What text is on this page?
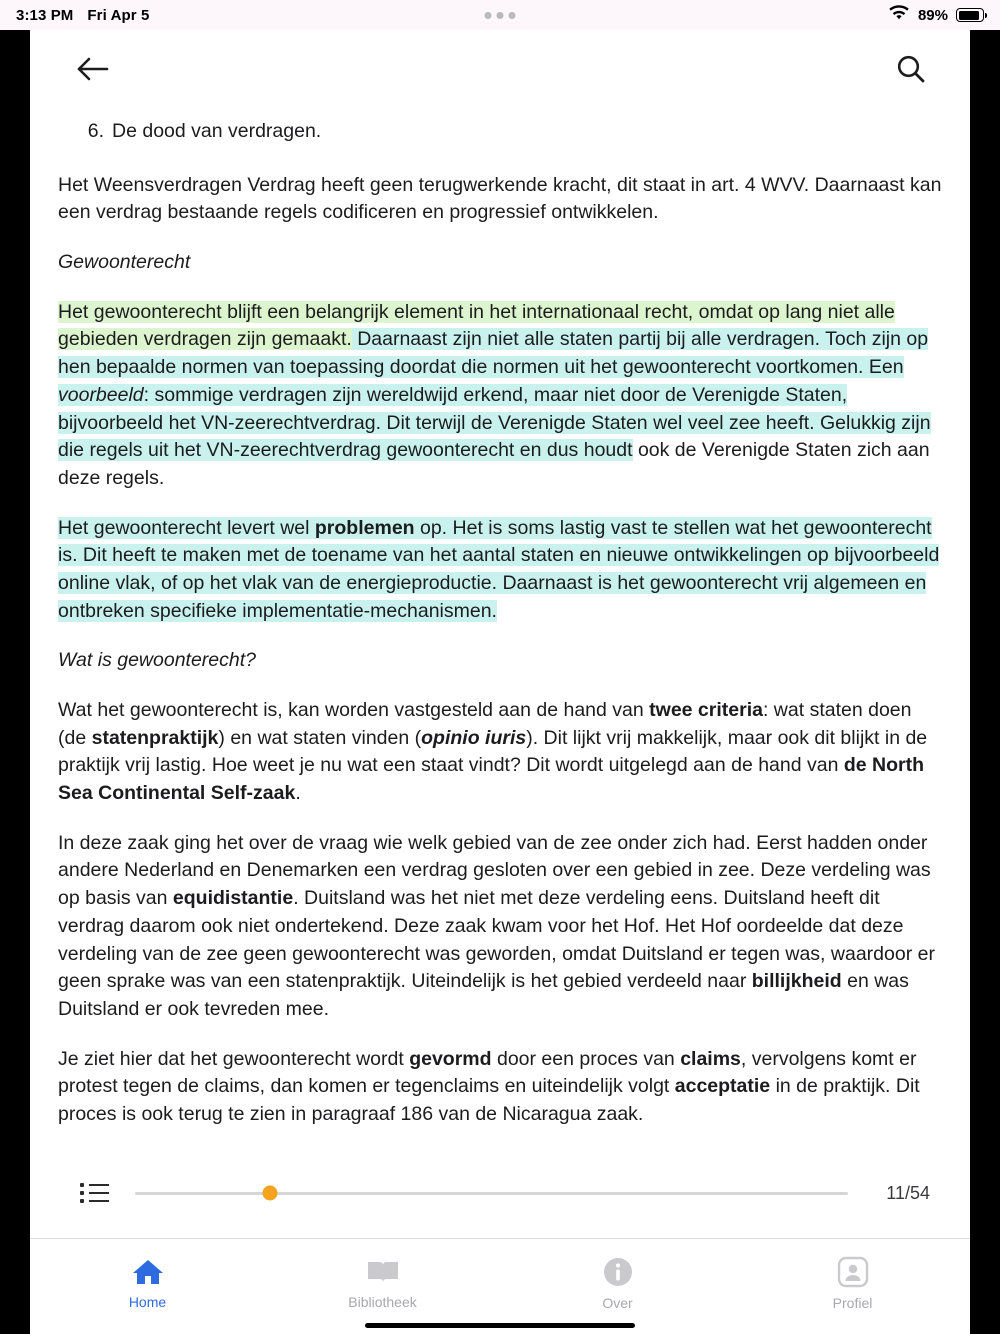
3:13 PM Fri Apr 5	89%
6. De dood van verdragen.

Het Weensverdragen Verdrag heeft geen terugwerkende kracht, dit staat in art. 4 WVV. Daarnaast kan een verdrag bestaande regels codificeren en progressief ontwikkelen.

Gewoonterecht

Het gewoonterecht blijft een belangrijk element in het internationaal recht, omdat op lang niet alle gebieden verdragen zijn gemaakt. Daarnaast zijn niet alle staten partij bij alle verdragen. Toch zijn op hen bepaalde normen van toepassing doordat die normen uit het gewoonterecht voortkomen. Een voorbeeld: sommige verdragen zijn wereldwijd erkend, maar niet door de Verenigde Staten, bijvoorbeeld het VN-zeerechtverdrag. Dit terwijl de Verenigde Staten wel veel zee heeft. Gelukkig zijn die regels uit het VN-zeerechtverdrag gewoonterecht en dus houdt ook de Verenigde Staten zich aan deze regels.

Het gewoonterecht levert wel problemen op. Het is soms lastig vast te stellen wat het gewoonterecht is. Dit heeft te maken met de toename van het aantal staten en nieuwe ontwikkelingen op bijvoorbeeld online vlak, of op het vlak van de energieproductie. Daarnaast is het gewoonterecht vrij algemeen en ontbreken specifieke implementatie-mechanismen.

Wat is gewoonterecht?

Wat het gewoonterecht is, kan worden vastgesteld aan de hand van twee criteria: wat staten doen (de statenpraktijk) en wat staten vinden (opinio iuris). Dit lijkt vrij makkelijk, maar ook dit blijkt in de praktijk vrij lastig. Hoe weet je nu wat een staat vindt? Dit wordt uitgelegd aan de hand van de North Sea Continental Self-zaak.

In deze zaak ging het over de vraag wie welk gebied van de zee onder zich had. Eerst hadden onder andere Nederland en Denemarken een verdrag gesloten over een gebied in zee. Deze verdeling was op basis van equidistantie. Duitsland was het niet met deze verdeling eens. Duitsland heeft dit verdrag daarom ook niet ondertekend. Deze zaak kwam voor het Hof. Het Hof oordeelde dat deze verdeling van de zee geen gewoonterecht was geworden, omdat Duitsland er tegen was, waardoor er geen sprake was van een statenpraktijk. Uiteindelijk is het gebied verdeeld naar billijkheid en was Duitsland er ook tevreden mee.

Je ziet hier dat het gewoonterecht wordt gevormd door een proces van claims, vervolgens komt er protest tegen de claims, dan komen er tegenclaims en uiteindelijk volgt acceptatie in de praktijk. Dit proces is ook terug te zien in paragraaf 186 van de Nicaragua zaak.

11/54
Home	Bibliotheek	Over	Profiel
